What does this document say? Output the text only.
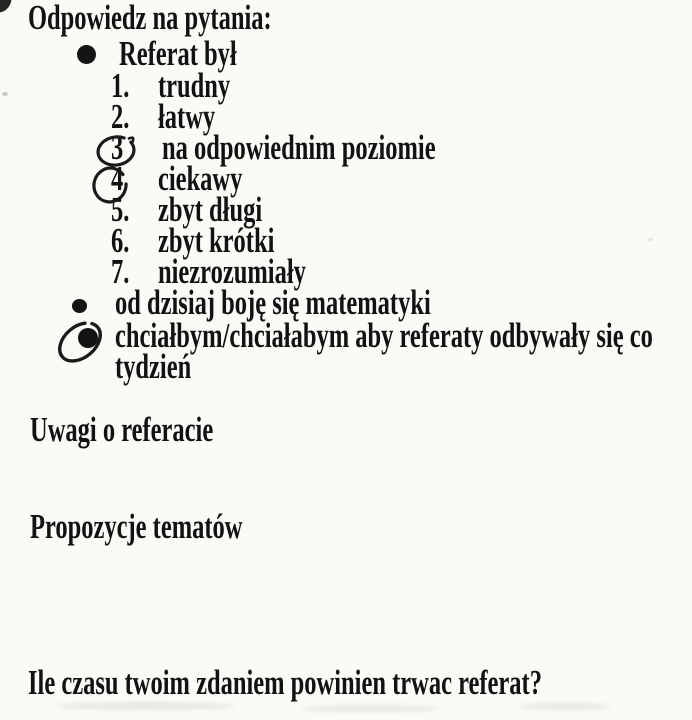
Odpowiedz na pytania:
Referat był
1. trudny
2. łatwy
3 na odpowiednim poziomie
4 ciekawy
5. zbyt długi
6. zbyt krótki
7. niezrozumiały
od dzisiaj boję się matematyki
chciałbym/chciałabym aby referaty odbywały się co
tydzień
Uwagi o referacie
Propozycje tematów
Ile czasu twoim zdaniem powinien trwac referat?
